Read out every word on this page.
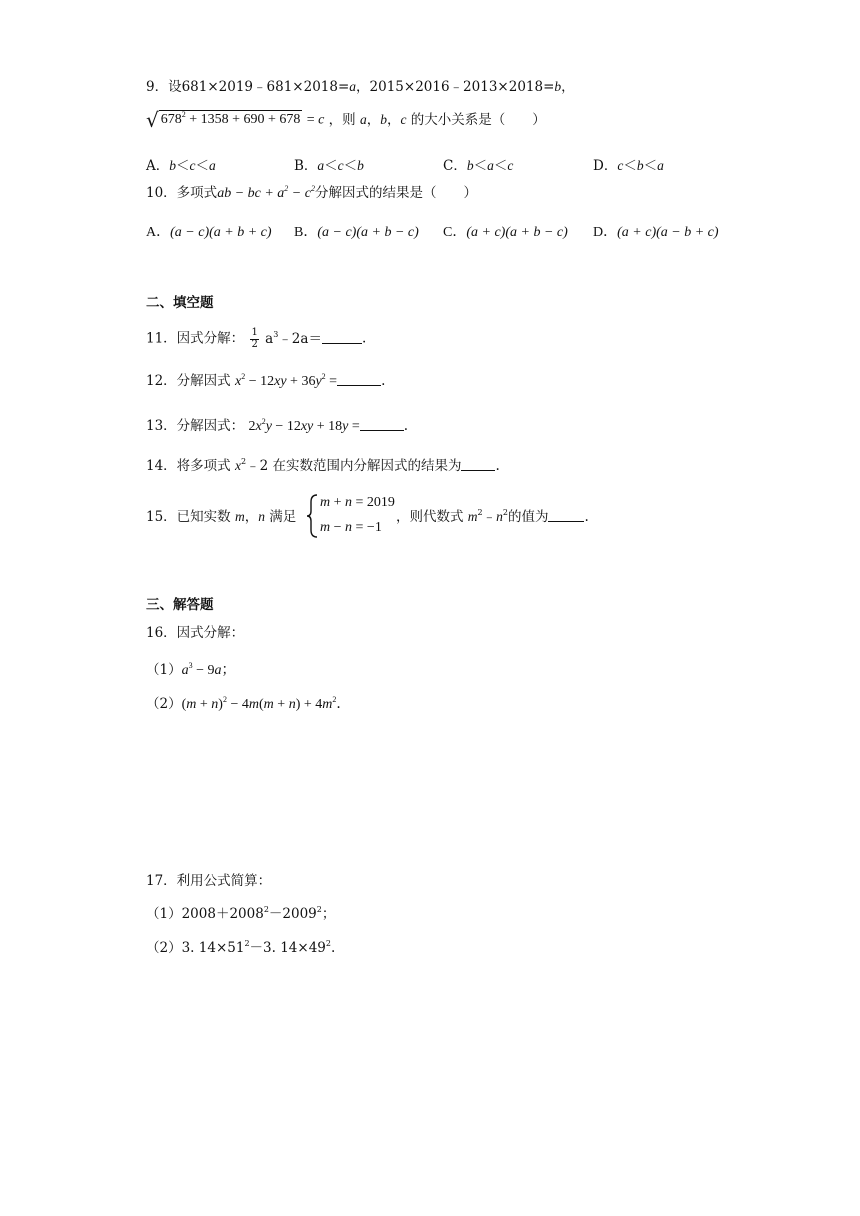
9．设681×2019﹣681×2018=a，2015×2016﹣2013×2018=b，
√ $678^2 + 1358 + 690 + 678 = c$ ，则 a，b，c 的大小关系是（　　）
A．b＜c＜a	B．a＜c＜b	C．b＜a＜c	D．c＜b＜a
10．多项式ab − bc + $a^2 - c^2$分解因式的结果是（　　）
A．(a − c)(a + b + c) B．(a − c)(a + b − c) C．(a + c)(a + b − c) D．(a + c)(a − b + c)
二、填空题
11．因式分解： $\frac{1}{2}$ $a^3﹣2a=$	.
12．分解因式 $x^2 - 12xy + 36y^2$ =	.
13．分解因式： $2x^2y - 12xy + 18y$ =	.
14．将多项式 $x^2﹣2$ 在实数范围内分解因式的结果为	.
15．已知实数 m，n 满足
m + n = 2019
m − n = −1
，则代数式 $m^2﹣n^2$的值为	.
三、解答题
16．因式分解：
$(1)a^3 - 9a$；
$(2)(m + n)^2 - 4m(m + n) + 4m^2$．
17．利用公式简算：
$(1)2008+2008^2-2009^2$；
（2）3. $14\times 51^2-3$. $14\times 49^2$.
